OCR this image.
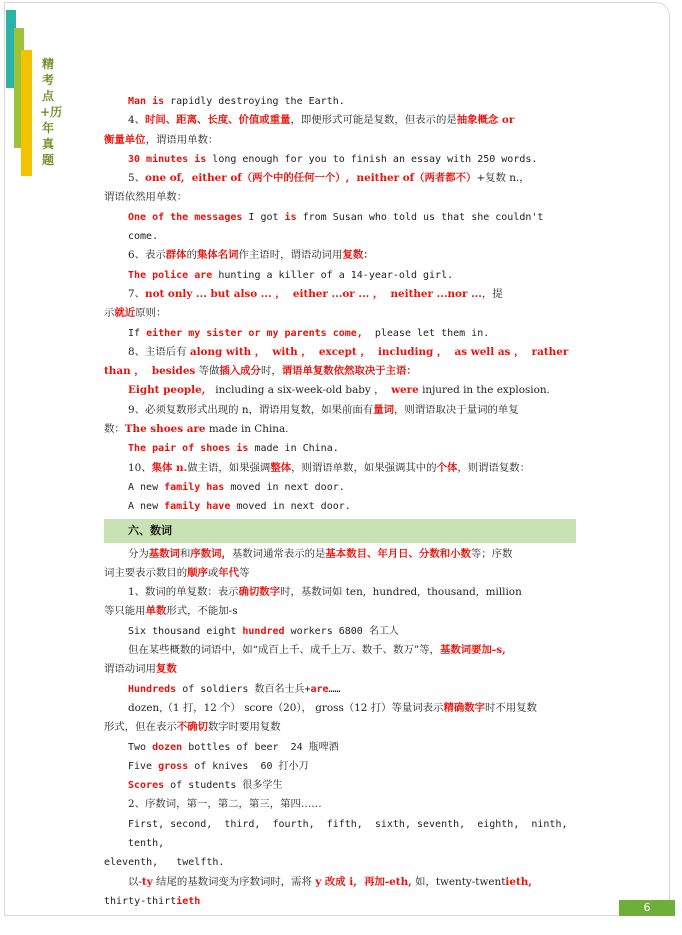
精考点+历年真题

Man is rapidly destroying the Earth.

4、时间、距离、长度、价值或重量，即便形式可能是复数，但表示的是抽象概念 or

衡量单位，谓语用单数：

30 minutes is long enough for you to finish an essay with 250 words.

5、one of,  either of（两个中的任何一个）,  neither of（两者都不）+复数 n.，

谓语依然用单数：

One of the messages I got is from Susan who told us that she couldn't come.

6、表示群体的集体名词作主语时，谓语动词用复数：

The police are hunting a killer of a 14-year-old girl.

7、not only ... but also ... ，  either ...or ... ，  neither ...nor ...，提

示就近原则：

If either my sister or my parents come,  please let them in.

8、主语后有 along with ，  with ，  except ，  including ，  as well as ，  rather

than ，  besides 等做插入成分时，谓语单复数依然取决于主语：

Eight people,   including a six-week-old baby ，  were injured in the explosion.

9、必须复数形式出现的 n，谓语用复数，如果前面有量词，则谓语取决于量词的单复

数：The shoes are made in China.

The pair of shoes is made in China.

10、集体 n.做主语，如果强调整体，则谓语单数，如果强调其中的个体，则谓语复数：

A new family has moved in next door.

A new family have moved in next door.

六、数词

分为基数词和序数词，基数词通常表示的是基本数目、年月日、分数和小数等；序数

词主要表示数目的顺序或年代等

1、数词的单复数：表示确切数字时，基数词如 ten,  hundred,  thousand,  million

等只能用单数形式，不能加-s

Six thousand eight hundred workers 6800 名工人

但在某些概数的词语中，如“成百上千、成千上万、数千、数万”等，基数词要加-s,

谓语动词用复数

Hundreds of soldiers 数百名士兵+are……

dozen,（1 打，12 个） score（20）， gross（12 打）等量词表示精确数字时不用复数

形式，但在表示不确切数字时要用复数

Two dozen bottles of beer  24 瓶啤酒

Five gross of knives  60 打小刀

Scores of students 很多学生

2、序数词，第一，第二，第三，第四……

First, second,  third,  fourth,  fifth,  sixth, seventh,  eighth,  ninth,  tenth,

eleventh,   twelfth.

以-ty 结尾的基数词变为序数词时，需将 y 改成 i,  再加-eth, 如，twenty-twentieth,

thirty-thirtieth	6
